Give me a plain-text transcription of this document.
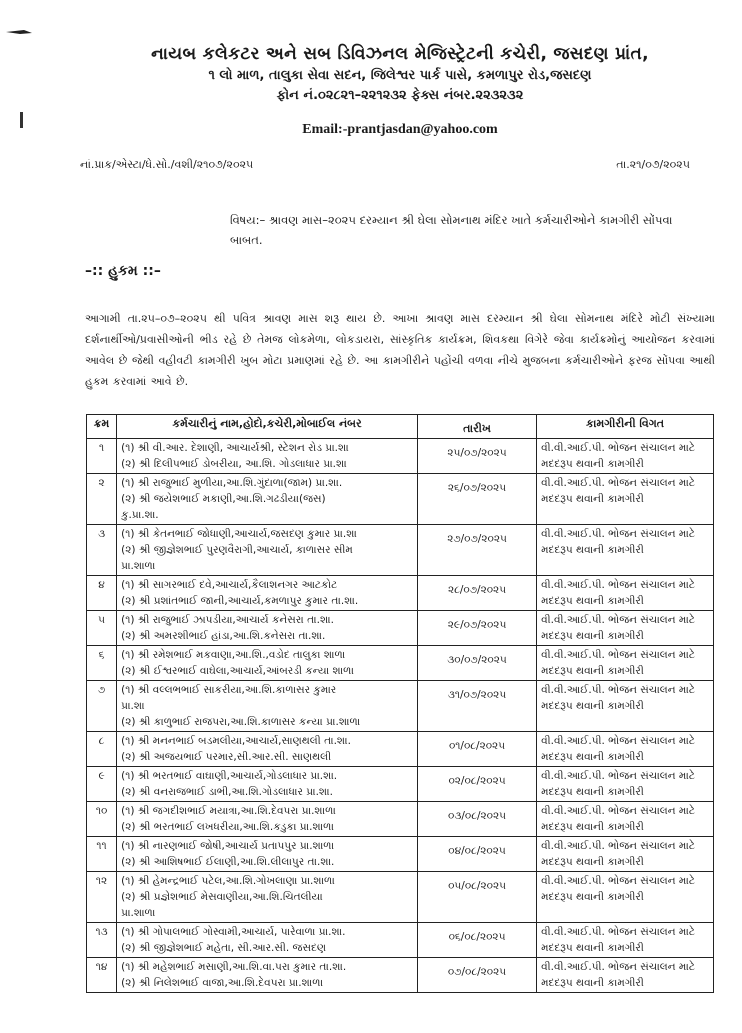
નાયબ કલેકટર અને સબ ડિવિઝનલ મેજિસ્ટ્રેટની કચેરી, જસદણ પ્રાંત,

૧ લો માળ, તાલુકા સેવા સદન, જિલેશ્વર પાર્ક પાસે, કમળાપુર રોડ,જસદણ

ફોન નં.૦૨૮૨૧–૨૨૧૨૩૨ ફેક્સ નંબર.૨૨૩૨૩૨

Email:-prantjasdan@yahoo.com

નાં.પ્રાક/એસ્ટા/ધે.સો./વશી/૨૧૦૭/૨૦૨૫	તા.૨૧/૦૭/૨૦૨૫
વિષય:– શ્રાવણ માસ–૨૦૨૫ દરમ્યાન શ્રી ઘેલા સોમનાથ મંદિર ખાતે કર્મચારીઓને કામગીરી સોંપવા બાબત.
–:: હુકમ ::–
આગામી તા.૨૫–૦૭–૨૦૨૫ થી પવિત્ર શ્રાવણ માસ શરૂ થાય છે. આખા શ્રાવણ માસ દરમ્યાન શ્રી ઘેલા સોમનાથ મંદિરે મોટી સંખ્યામા દર્શનાર્થીઓ/પ્રવાસીઓની ભીડ રહે છે તેમજ લોકમેળા, લોકડાયરા, સાંસ્કૃતિક કાર્યક્રમ, શિવકથા વિગેરે જેવા કાર્યક્રમોનું આયોજન કરવામાં આવેલ છે જેથી વહીવટી કામગીરી ખુબ મોટા પ્રમાણમાં રહે છે. આ કામગીરીને પહોંચી વળવા નીચે મુજબના કર્મચારીઓને ફરજ સોંપવા આથી હુકમ કરવામાં આવે છે.
ક્રમ	કર્મચારીનું નામ,હોદો,કચેરી,મોબાઈલ નંબર	તારીખ	કામગીરીની વિગત
૧	(૧) શ્રી વી.આર. દેશાણી, આચાર્યશ્રી, સ્ટેશન રોડ પ્રા.શા
(૨) શ્રી દિલીપભાઈ ડોબરીયા, આ.શિ. ગોડલાધાર પ્રા.શા	૨૫/૦૭/૨૦૨૫	વી.વી.આઈ.પી. ભોજન સંચાલન માટે
મદદરૂપ થવાની કામગીરી

૨	(૧) શ્રી રાજુભાઈ મુળીયા,આ.શિ.ગુંદાળા(જામ) પ્રા.શા.
(૨) શ્રી જયેશભાઈ મકાણી,આ.શિ.ગઢડીયા(જસ)
કુ.પ્રા.શા.	૨૬/૦૭/૨૦૨૫	વી.વી.આઈ.પી. ભોજન સંચાલન માટે
મદદરૂપ થવાની કામગીરી

૩	(૧) શ્રી કેતનભાઈ જોધાણી,આચાર્ય,જસદણ કુમાર પ્રા.શા
(૨) શ્રી જીજ્ઞેશભાઈ પુરણવૈરાગી,આચાર્ય, કાળાસર સીમ
પ્રા.શાળા	૨૭/૦૭/૨૦૨૫	વી.વી.આઈ.પી. ભોજન સંચાલન માટે
મદદરૂપ થવાની કામગીરી

૪	(૧) શ્રી સાગરભાઈ દવે,આચાર્ય,કૈલાશનગર આટકોટ
(૨) શ્રી પ્રશાંતભાઈ જાની,આચાર્ય,કમળાપુર કુમાર તા.શા.	૨૮/૦૭/૨૦૨૫	વી.વી.આઈ.પી. ભોજન સંચાલન માટે
મદદરૂપ થવાની કામગીરી

૫	(૧) શ્રી રાજુભાઈ ઝાપડીયા,આચાર્ય કનેસરા તા.શા.
(૨) શ્રી અમરશીભાઈ હાંડા,આ.શિ.કનેસરા તા.શા.	૨૯/૦૭/૨૦૨૫	વી.વી.આઈ.પી. ભોજન સંચાલન માટે
મદદરૂપ થવાની કામગીરી

૬	(૧) શ્રી રમેશભાઈ મકવાણા,આ.શિ.,વડોદ તાલુકા શાળા
(૨) શ્રી ઈશ્વરભાઈ વાઘેલા,આચાર્ય,આંબરડી કન્યા શાળા	૩૦/૦૭/૨૦૨૫	વી.વી.આઈ.પી. ભોજન સંચાલન માટે
મદદરૂપ થવાની કામગીરી

૭	(૧) શ્રી વલ્લભભાઈ સાકરીયા,આ.શિ.કાળાસર કુમાર
પ્રા.શા
(૨) શ્રી કાળુભાઈ રાજપરા,આ.શિ.કાળાસર કન્યા પ્રા.શાળા	૩૧/૦૭/૨૦૨૫	વી.વી.આઈ.પી. ભોજન સંચાલન માટે
મદદરૂપ થવાની કામગીરી

૮	(૧) શ્રી મનનભાઈ બડમલીયા,આચાર્ય,સાણથલી તા.શા.
(૨) શ્રી અજયભાઈ પરમાર,સી.આર.સી. સાણથલી	૦૧/૦૮/૨૦૨૫	વી.વી.આઈ.પી. ભોજન સંચાલન માટે
મદદરૂપ થવાની કામગીરી

૯	(૧) શ્રી ભરતભાઈ વાઘાણી,આચાર્ય,ગોડલાધાર પ્રા.શા.
(૨) શ્રી વનરાજભાઈ ડાભી,આ.શિ.ગોડલાધાર પ્રા.શા.	૦૨/૦૮/૨૦૨૫	વી.વી.આઈ.પી. ભોજન સંચાલન માટે
મદદરૂપ થવાની કામગીરી

૧૦	(૧) શ્રી જગદીશભાઈ મયાત્રા,આ.શિ.દેવપરા પ્રા.શાળા
(૨) શ્રી ભરતભાઈ લખધરીયા,આ.શિ.કડુકા પ્રા.શાળા	૦૩/૦૮/૨૦૨૫	વી.વી.આઈ.પી. ભોજન સંચાલન માટે
મદદરૂપ થવાની કામગીરી

૧૧	(૧) શ્રી નારણભાઈ જોષી,આચાર્ય પ્રતાપપુર પ્રા.શાળા
(૨) શ્રી આશિષભાઈ ઈલાણી,આ.શિ.લીલાપુર તા.શા.	૦૪/૦૮/૨૦૨૫	વી.વી.આઈ.પી. ભોજન સંચાલન માટે
મદદરૂપ થવાની કામગીરી

૧૨	(૧) શ્રી હેમન્દ્રભાઈ પટેલ,આ.શિ.ગોખલાણા પ્રા.શાળા
(૨) શ્રી પ્રજ્ઞેશભાઈ મેસવાણીયા,આ.શિ.ચિતલીયા
પ્રા.શાળા	૦૫/૦૮/૨૦૨૫	વી.વી.આઈ.પી. ભોજન સંચાલન માટે
મદદરૂપ થવાની કામગીરી

૧૩	(૧) શ્રી ગોપાલભાઈ ગોસ્વામી,આચાર્ય, પારેવાળા પ્રા.શા.
(૨) શ્રી જીજ્ઞેશભાઈ મહેતા, સી.આર.સી. જસદણ	૦૬/૦૮/૨૦૨૫	વી.વી.આઈ.પી. ભોજન સંચાલન માટે
મદદરૂપ થવાની કામગીરી

૧૪	(૧) શ્રી મહેશભાઈ મસાણી,આ.શિ.વા.પરા કુમાર તા.શા.
(૨) શ્રી નિલેશભાઈ વાજા,આ.શિ.દેવપરા પ્રા.શાળા	૦૭/૦૮/૨૦૨૫	વી.વી.આઈ.પી. ભોજન સંચાલન માટે
મદદરૂપ થવાની કામગીરી
